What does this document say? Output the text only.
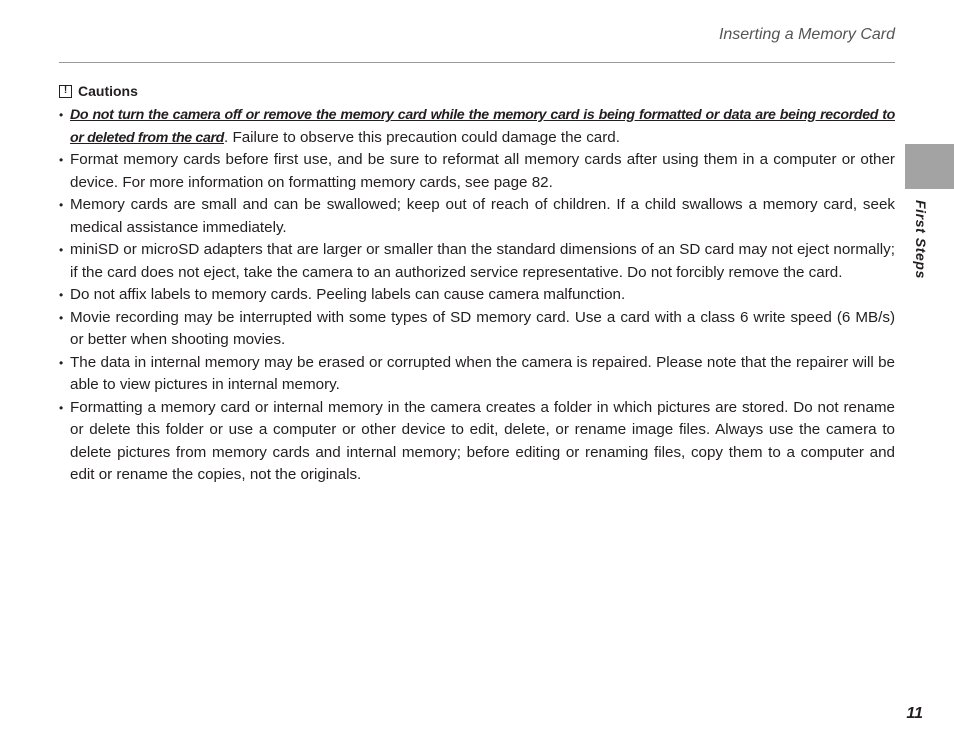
Inserting a Memory Card
First Steps
! Cautions
• Do not turn the camera off or remove the memory card while the memory card is being formatted or data are being recorded to or deleted from the card. Failure to observe this precaution could damage the card.
• Format memory cards before first use, and be sure to reformat all memory cards after using them in a computer or other device. For more information on formatting memory cards, see page 82.
• Memory cards are small and can be swallowed; keep out of reach of children. If a child swallows a memory card, seek medical assistance immediately.
• miniSD or microSD adapters that are larger or smaller than the standard dimensions of an SD card may not eject normally; if the card does not eject, take the camera to an authorized service representative. Do not forcibly remove the card.
• Do not affix labels to memory cards. Peeling labels can cause camera malfunction.
• Movie recording may be interrupted with some types of SD memory card. Use a card with a class 6 write speed (6 MB/s) or better when shooting movies.
• The data in internal memory may be erased or corrupted when the camera is repaired. Please note that the repairer will be able to view pictures in internal memory.
• Formatting a memory card or internal memory in the camera creates a folder in which pictures are stored. Do not rename or delete this folder or use a computer or other device to edit, delete, or rename image files. Always use the camera to delete pictures from memory cards and internal memory; before editing or renaming files, copy them to a computer and edit or rename the copies, not the originals.
11
